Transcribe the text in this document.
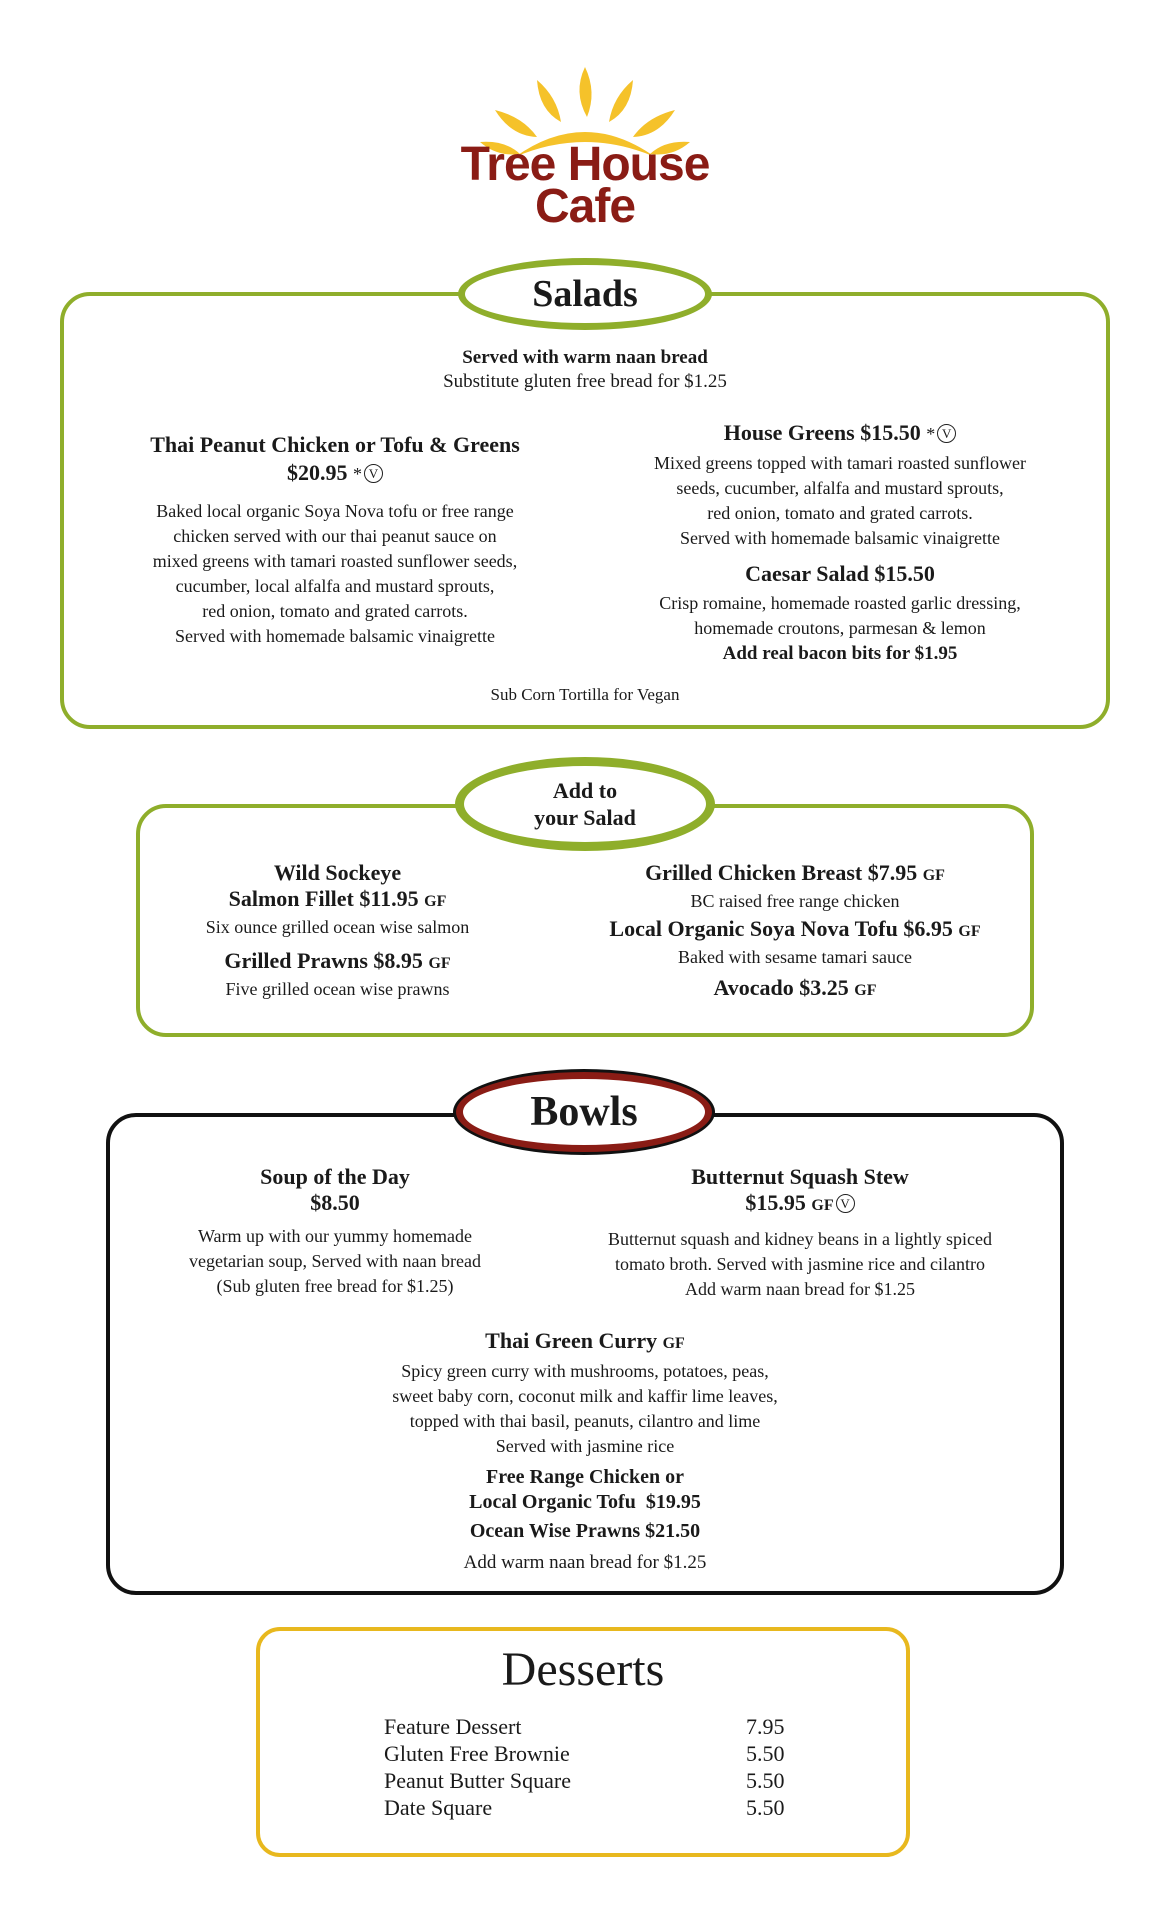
Tree House
Cafe
Salads
Served with warm naan bread
Substitute gluten free bread for $1.25
Thai Peanut Chicken or Tofu & Greens
$20.95 * V
Baked local organic Soya Nova tofu or free range
chicken served with our thai peanut sauce on
mixed greens with tamari roasted sunflower seeds,
cucumber, local alfalfa and mustard sprouts,
red onion, tomato and grated carrots.
Served with homemade balsamic vinaigrette
House Greens $15.50 * V
Mixed greens topped with tamari roasted sunflower
seeds, cucumber, alfalfa and mustard sprouts,
red onion, tomato and grated carrots.
Served with homemade balsamic vinaigrette
Caesar Salad $15.50
Crisp romaine, homemade roasted garlic dressing,
homemade croutons, parmesan & lemon
Add real bacon bits for $1.95
Sub Corn Tortilla for Vegan
Add to
your Salad
Wild Sockeye
Salmon Fillet $11.95 GF
Six ounce grilled ocean wise salmon
Grilled Prawns $8.95 GF
Five grilled ocean wise prawns
Grilled Chicken Breast $7.95 GF
BC raised free range chicken
Local Organic Soya Nova Tofu $6.95 GF
Baked with sesame tamari sauce
Avocado $3.25 GF
Bowls
Soup of the Day
$8.50
Warm up with our yummy homemade
vegetarian soup, Served with naan bread
(Sub gluten free bread for $1.25)
Butternut Squash Stew
$15.95 GF V
Butternut squash and kidney beans in a lightly spiced
tomato broth. Served with jasmine rice and cilantro
Add warm naan bread for $1.25
Thai Green Curry GF
Spicy green curry with mushrooms, potatoes, peas,
sweet baby corn, coconut milk and kaffir lime leaves,
topped with thai basil, peanuts, cilantro and lime
Served with jasmine rice
Free Range Chicken or
Local Organic Tofu  $19.95
Ocean Wise Prawns $21.50
Add warm naan bread for $1.25
Desserts
Feature Dessert	7.95
Gluten Free Brownie	5.50
Peanut Butter Square	5.50
Date Square	5.50
